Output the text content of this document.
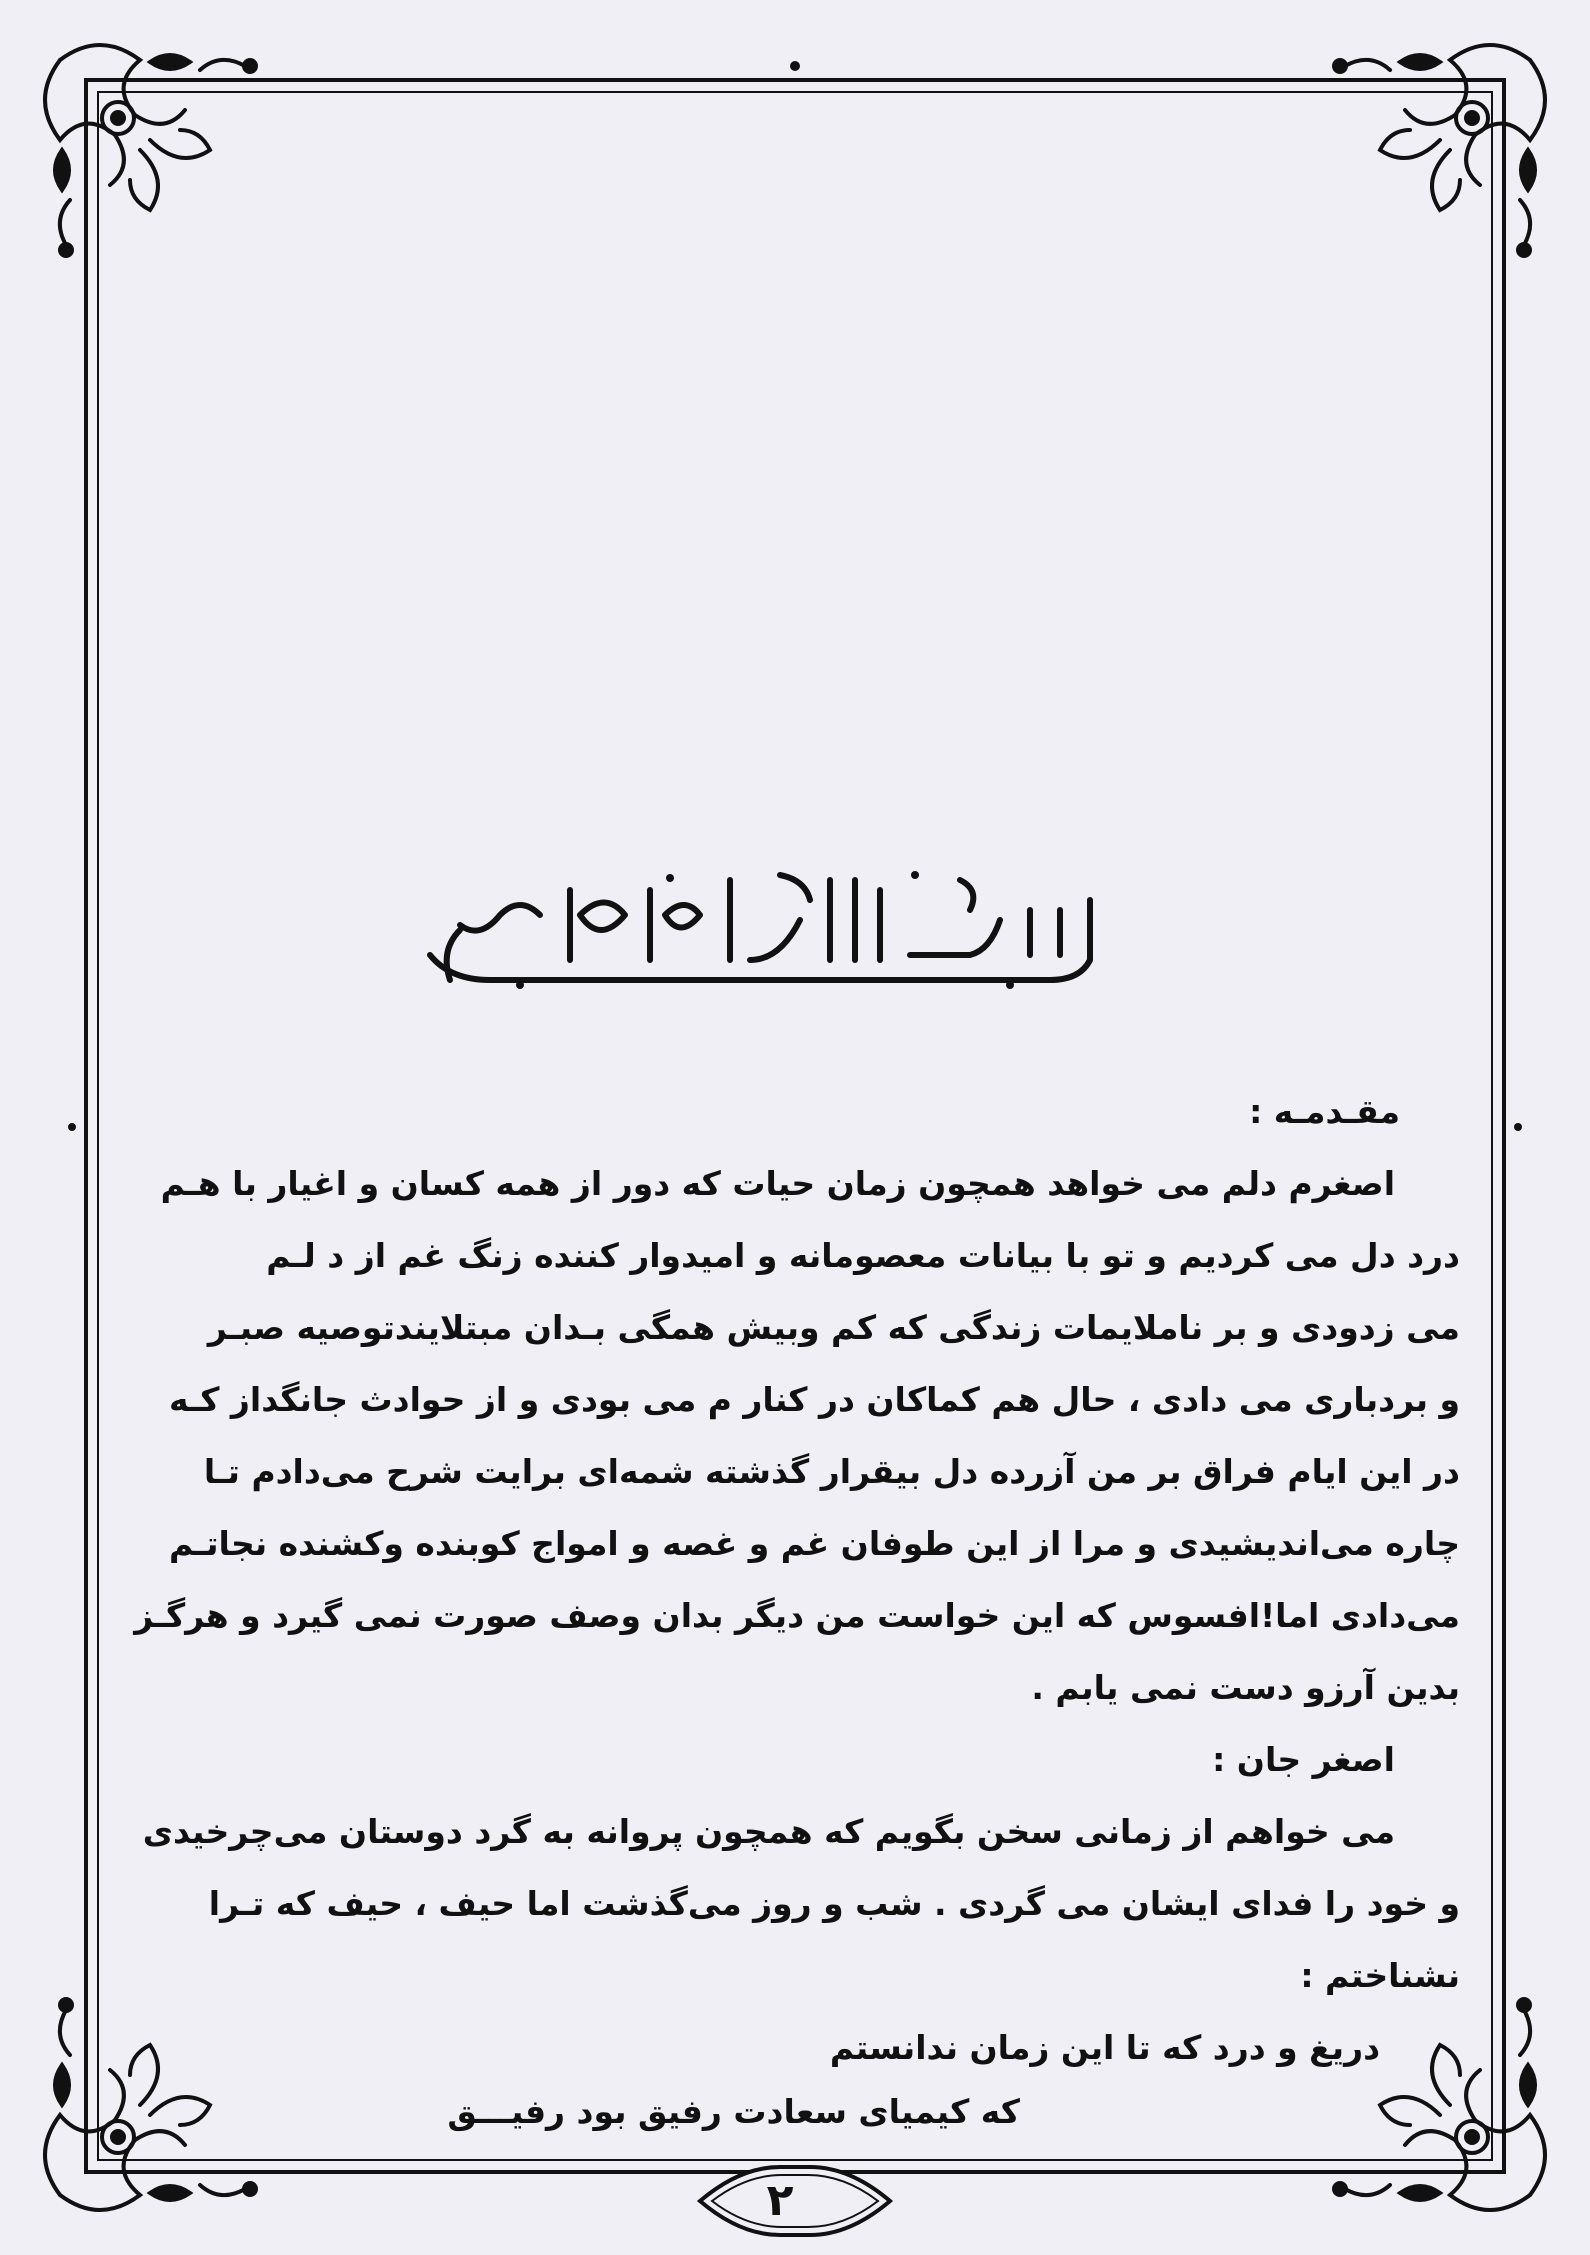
مقـدمـه :
اصغرم دلم می خواهد همچون زمان حیات که دور از همه کسان و اغیار با هـم
درد دل می کردیم و تو با بیانات معصومانه و امیدوار کننده زنگ غم از د لـم
می زدودی و بر ناملایمات زندگی که کم وبیش همگی بـدان مبتلایندتوصیه صبـر
و بردباری می دادی ، حال هم کماکان در کنار م می بودی و از حوادث جانگداز کـه
در این ایام فراق بر من آزرده دل بیقرار گذشته شمه‌ای برایت شرح می‌دادم تـا
چاره می‌اندیشیدی و مرا از این طوفان غم و غصه و امواج کوبنده وکشنده نجاتـم
می‌دادی اما!افسوس که این خواست من دیگر بدان وصف صورت نمی گیرد و هرگـز
بدین آرزو دست نمی یابم .
اصغر جان :
می خواهم از زمانی سخن بگویم که همچون پروانه به گرد دوستان می‌چرخیدی
و خود را فدای ایشان می گردی . شب و روز می‌گذشت اما حیف ، حیف که تـرا
نشناختم :
دریغ و درد که تا این زمان ندانستم
که کیمیای سعادت رفیق بود رفیـــق
۲
